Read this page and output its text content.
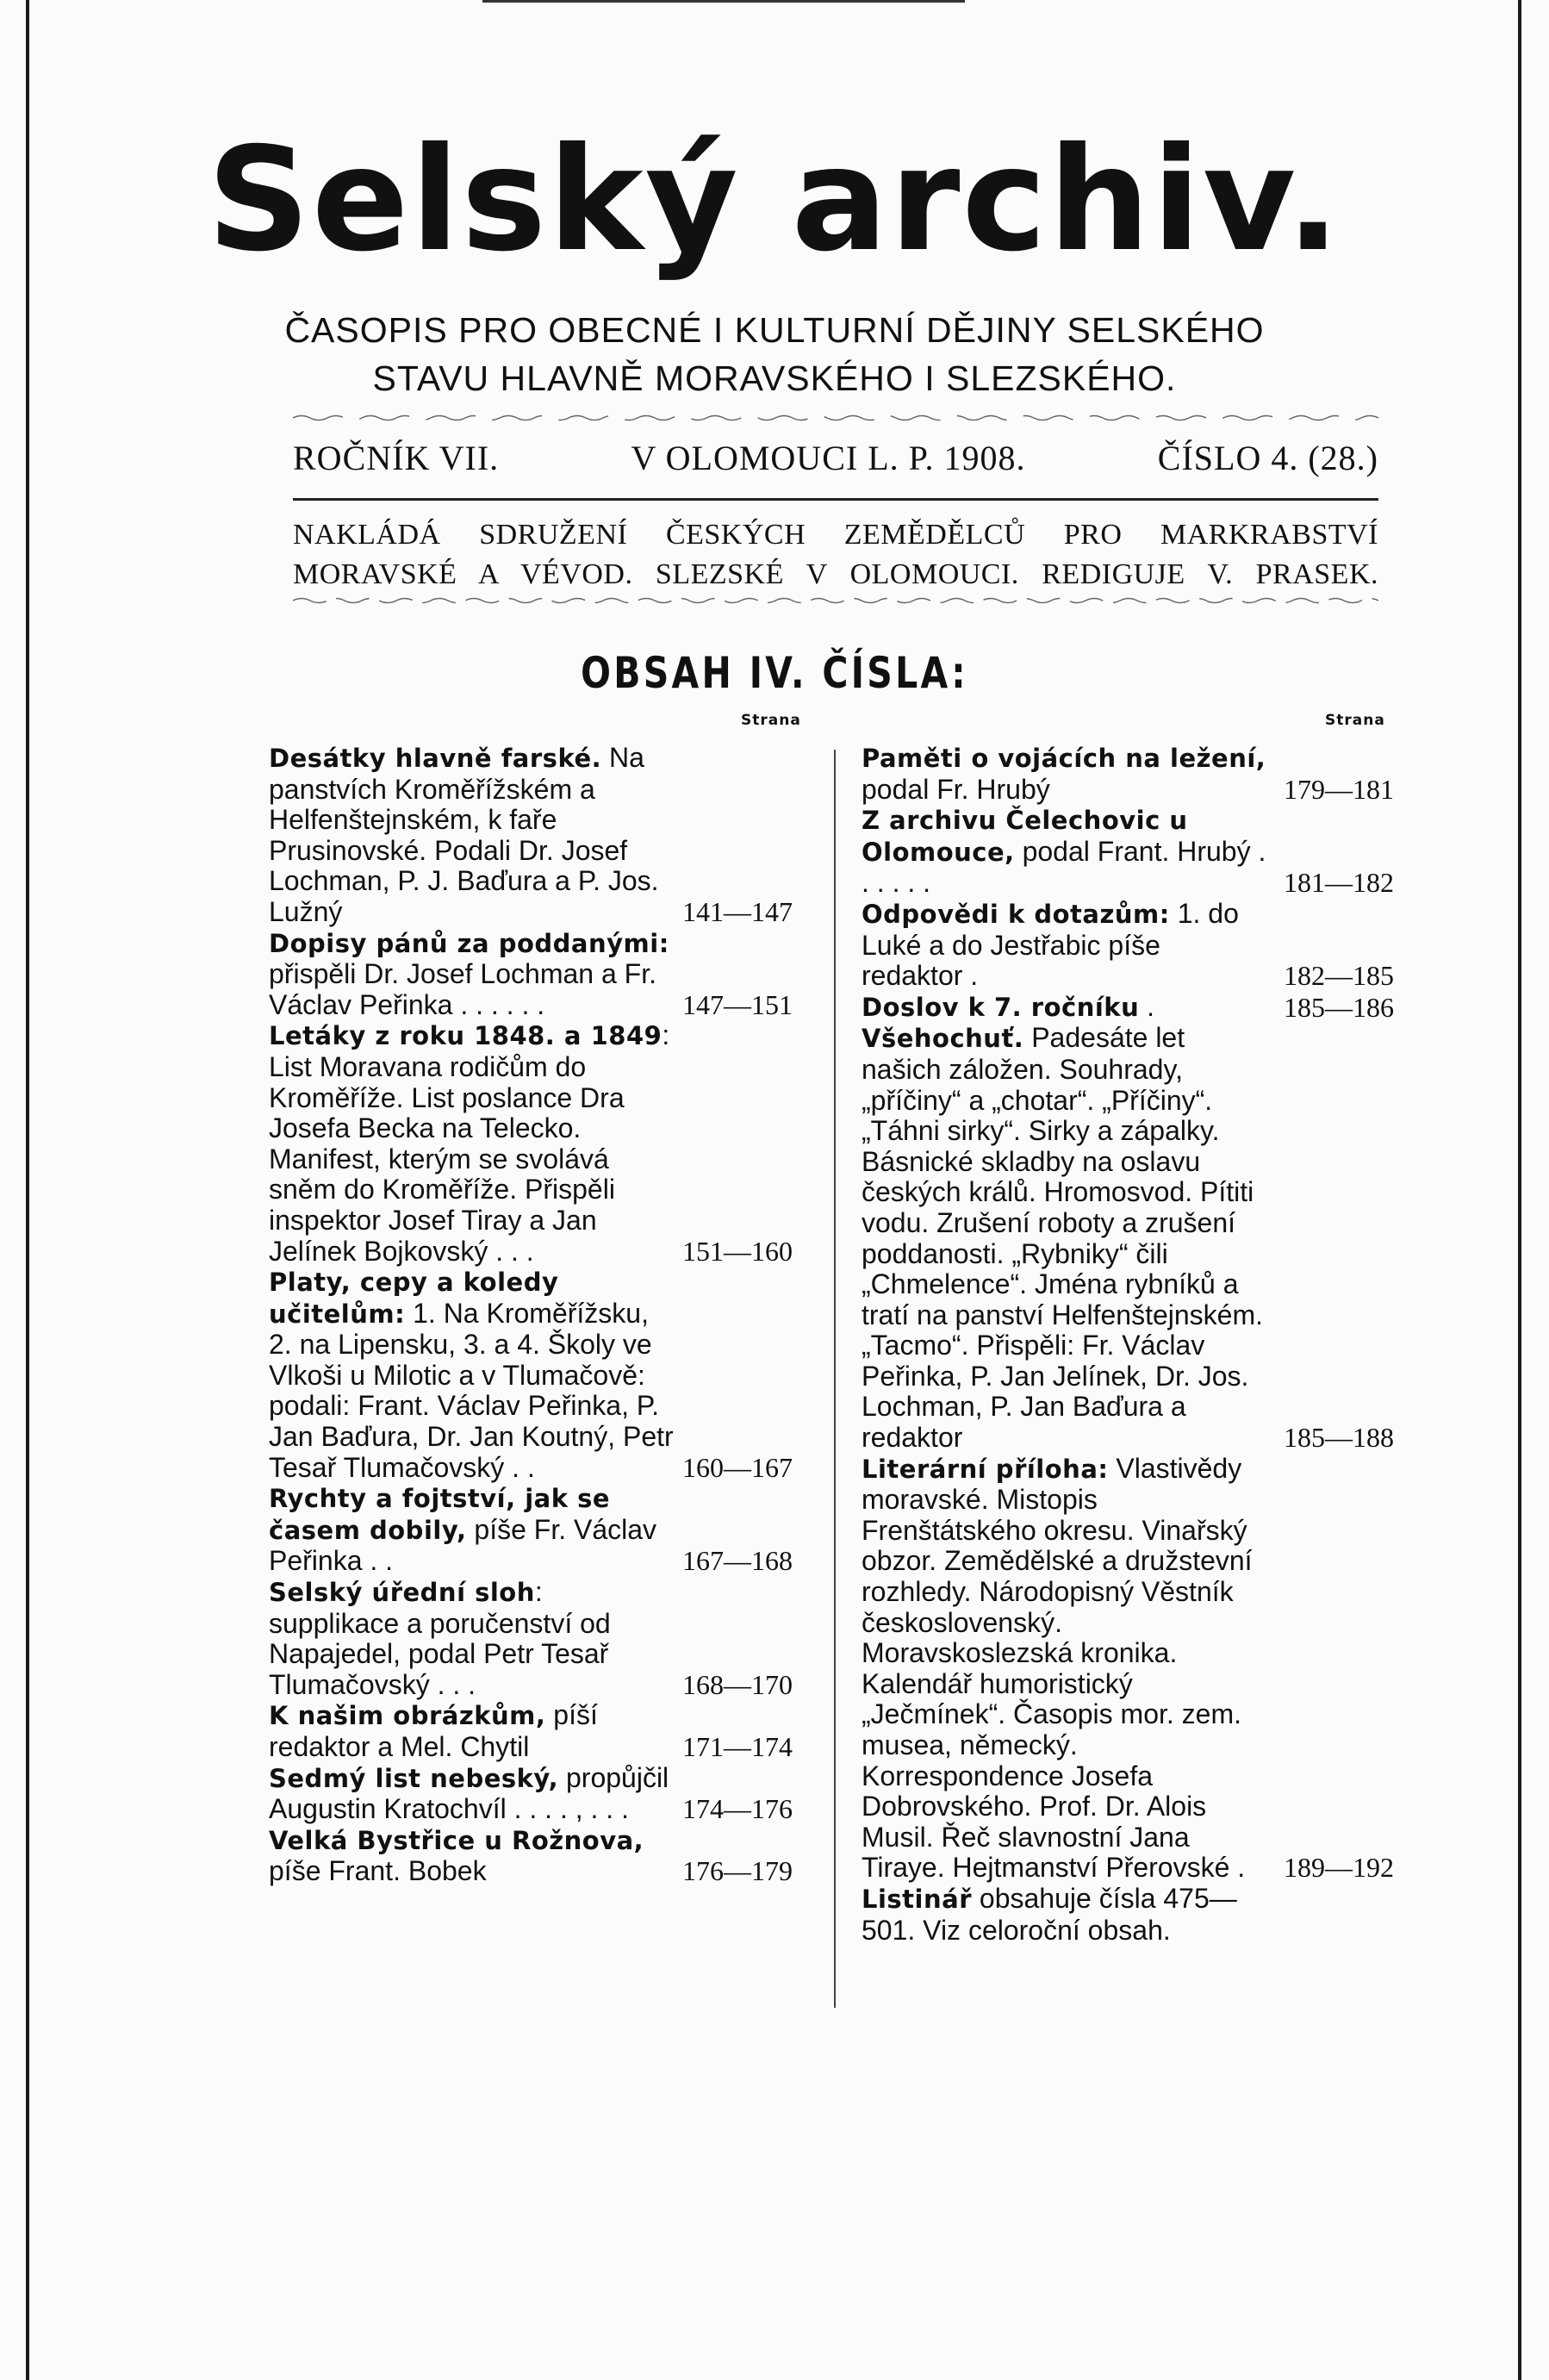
Selský archiv.
ČASOPIS PRO OBECNÉ I KULTURNÍ DĚJINY SELSKÉHO
STAVU HLAVNĚ MORAVSKÉHO I SLEZSKÉHO.
ROČNÍK VII.	V OLOMOUCI L. P. 1908.	ČÍSLO 4. (28.)
NAKLÁDÁ SDRUŽENÍ ČESKÝCH ZEMĚDĚLCŮ PRO MARKRABSTVÍ
MORAVSKÉ A VÉVOD. SLEZSKÉ V OLOMOUCI. REDIGUJE V. PRASEK.
OBSAH IV. ČÍSLA:
Strana
Desátky hlavně farské. Na panstvích Kroměřížském a Helfenštejnském, k faře Prusinovské. Podali Dr. Josef Lochman, P. J. Baďura a P. Jos. Lužný	141—147
Dopisy pánů za poddanými: přispěli Dr. Josef Lochman a Fr. Václav Peřinka . . . . . .	147—151
Letáky z roku 1848. a 1849: List Moravana rodičům do Kroměříže. List poslance Dra Josefa Becka na Telecko. Manifest, kterým se svolává sněm do Kroměříže. Přispěli inspektor Josef Tiray a Jan Jelínek Bojkovský . . .	151—160
Platy, cepy a koledy učitelům: 1. Na Kroměřížsku, 2. na Lipensku, 3. a 4. Školy ve Vlkoši u Milotic a v Tlumačově: podali: Frant. Václav Peřinka, P. Jan Baďura, Dr. Jan Koutný, Petr Tesař Tlumačovský . .	160—167
Rychty a fojtství, jak se časem dobily, píše Fr. Václav Peřinka . .	167—168
Selský úřední sloh: supplikace a poručenství od Napajedel, podal Petr Tesař Tlumačovský . . .	168—170
K našim obrázkům, píší redaktor a Mel. Chytil	171—174
Sedmý list nebeský, propůjčil Augustin Kratochvíl . . . . , . . . 174—176
Velká Bystřice u Rožnova, píše Frant. Bobek	176—179
Strana
Paměti o vojácích na ležení, podal Fr. Hrubý	179—181
Z archivu Čelechovic u Olomouce, podal Frant. Hrubý . . . . . .	181—182
Odpovědi k dotazům: 1. do Luké a do Jestřabic píše redaktor .	182—185
Doslov k 7. ročníku .	185—186
Všehochuť. Padesáte let našich záložen. Souhrady, „příčiny“ a „chotar“. „Příčiny“. „Táhni sirky“. Sirky a zápalky. Básnické skladby na oslavu českých králů. Hromosvod. Pítiti vodu. Zrušení roboty a zrušení poddanosti. „Rybniky“ čili „Chmelence“. Jména rybníků a tratí na panství Helfenštejnském. „Tacmo“. Přispěli: Fr. Václav Peřinka, P. Jan Jelínek, Dr. Jos. Lochman, P. Jan Baďura a redaktor	185—188
Literární příloha: Vlastivědy moravské. Mistopis Frenštátského okresu. Vinařský obzor. Zemědělské a družstevní rozhledy. Národopisný Věstník československý. Moravskoslezská kronika. Kalendář humoristický „Ječmínek“. Časopis mor. zem. musea, německý. Korrespondence Josefa Dobrovského. Prof. Dr. Alois Musil. Řeč slavnostní Jana Tiraye. Hejtmanství Přerovské . 189—192
Listinář obsahuje čísla 475—501. Viz celoroční obsah.
